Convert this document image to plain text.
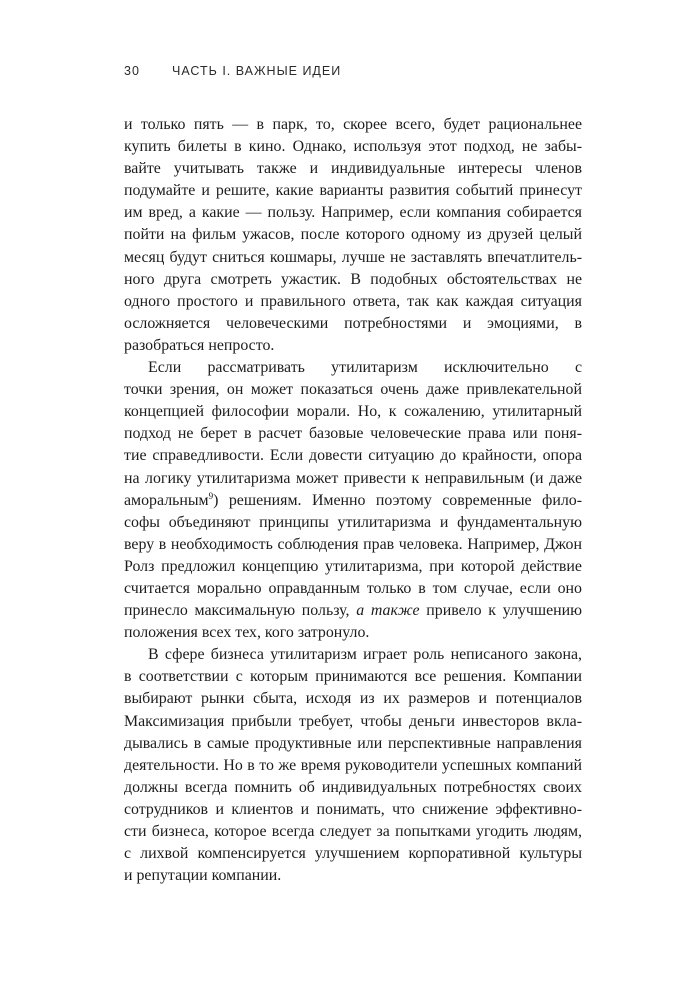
30	ЧАСТЬ I. ВАЖНЫЕ ИДЕИ
и только пять — в парк, то, скорее всего, будет рациональнее
купить билеты в кино. Однако, используя этот подход, не забы-
вайте учитывать также и индивидуальные интересы членов
подумайте и решите, какие варианты развития событий принесут
им вред, а какие — пользу. Например, если компания собирается
пойти на фильм ужасов, после которого одному из друзей целый
месяц будут сниться кошмары, лучше не заставлять впечатлитель-
ного друга смотреть ужастик. В подобных обстоятельствах не
одного простого и правильного ответа, так как каждая ситуация
осложняется человеческими потребностями и эмоциями, в
разобраться непросто.
Если рассматривать утилитаризм исключительно с
точки зрения, он может показаться очень даже привлекательной
концепцией философии морали. Но, к сожалению, утилитарный
подход не берет в расчет базовые человеческие права или поня-
тие справедливости. Если довести ситуацию до крайности, опора
на логику утилитаризма может привести к неправильным (и даже
аморальным$^9$) решениям. Именно поэтому современные фило-
софы объединяют принципы утилитаризма и фундаментальную
веру в необходимость соблюдения прав человека. Например, Джон
Ролз предложил концепцию утилитаризма, при которой действие
считается морально оправданным только в том случае, если оно
принесло максимальную пользу, а также привело к улучшению
положения всех тех, кого затронуло.
В сфере бизнеса утилитаризм играет роль неписаного закона,
в соответствии с которым принимаются все решения. Компании
выбирают рынки сбыта, исходя из их размеров и потенциалов
Максимизация прибыли требует, чтобы деньги инвесторов вкла-
дывались в самые продуктивные или перспективные направления
деятельности. Но в то же время руководители успешных компаний
должны всегда помнить об индивидуальных потребностях своих
сотрудников и клиентов и понимать, что снижение эффективно-
сти бизнеса, которое всегда следует за попытками угодить людям,
с лихвой компенсируется улучшением корпоративной культуры
и репутации компании.
